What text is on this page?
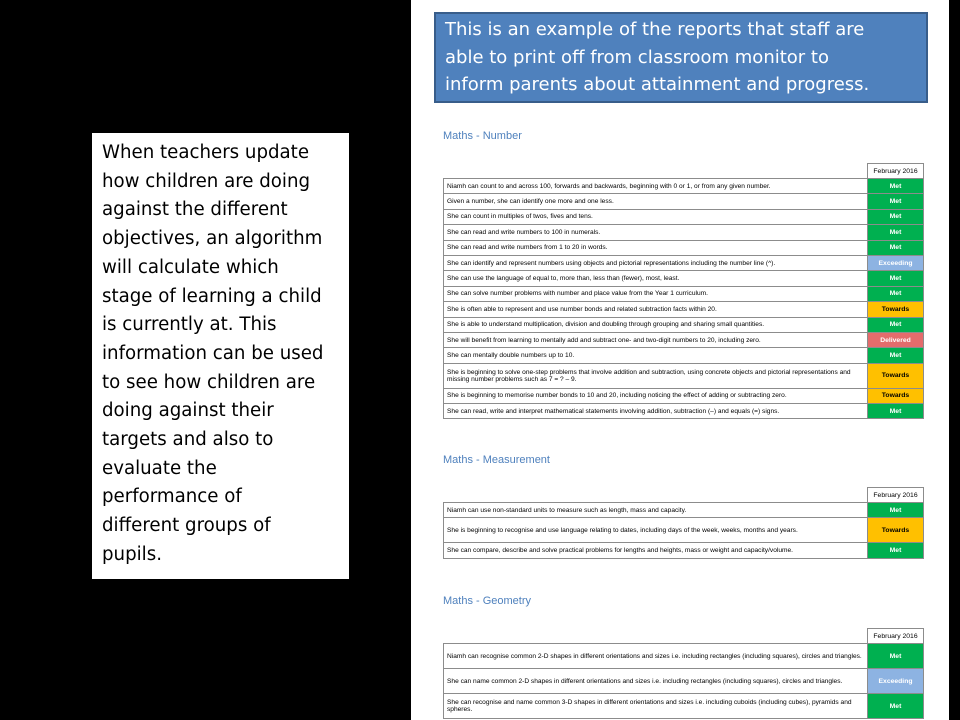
When teachers update
how children are doing
against the different
objectives, an algorithm
will calculate which
stage of learning a child
is currently at. This
information can be used
to see how children are
doing against their
targets and also to
evaluate the
performance of
different groups of
pupils.
This is an example of the reports that staff are
able to print off from classroom monitor to
inform parents about attainment and progress.
Maths - Number
	February 2016
Niamh can count to and across 100, forwards and backwards, beginning with 0 or 1, or from any given number.	Met
Given a number, she can identify one more and one less.	Met
She can count in multiples of twos, fives and tens.	Met
She can read and write numbers to 100 in numerals.	Met
She can read and write numbers from 1 to 20 in words.	Met
She can identify and represent numbers using objects and pictorial representations including the number line (^).	Exceeding
She can use the language of equal to, more than, less than (fewer), most, least.	Met
She can solve number problems with number and place value from the Year 1 curriculum.	Met
She is often able to represent and use number bonds and related subtraction facts within 20.	Towards
She is able to understand multiplication, division and doubling through grouping and sharing small quantities.	Met
She will benefit from learning to mentally add and subtract one- and two-digit numbers to 20, including zero.	Delivered
She can mentally double numbers up to 10.	Met
She is beginning to solve one-step problems that involve addition and subtraction, using concrete objects and pictorial representations and missing number problems such as 7 = ? – 9.	Towards
She is beginning to memorise number bonds to 10 and 20, including noticing the effect of adding or subtracting zero.	Towards
She can read, write and interpret mathematical statements involving addition, subtraction (–) and equals (=) signs.	Met
Maths - Measurement
	February 2016
Niamh can use non-standard units to measure such as length, mass and capacity.	Met
She is beginning to recognise and use language relating to dates, including days of the week, weeks, months and years.	Towards
She can compare, describe and solve practical problems for lengths and heights, mass or weight and capacity/volume.	Met
Maths - Geometry
	February 2016
Niamh can recognise common 2-D shapes in different orientations and sizes i.e. including rectangles (including squares), circles and triangles.	Met
She can name common 2-D shapes in different orientations and sizes i.e. including rectangles (including squares), circles and triangles.	Exceeding
She can recognise and name common 3-D shapes in different orientations and sizes i.e. including cuboids (including cubes), pyramids and spheres.	Met
